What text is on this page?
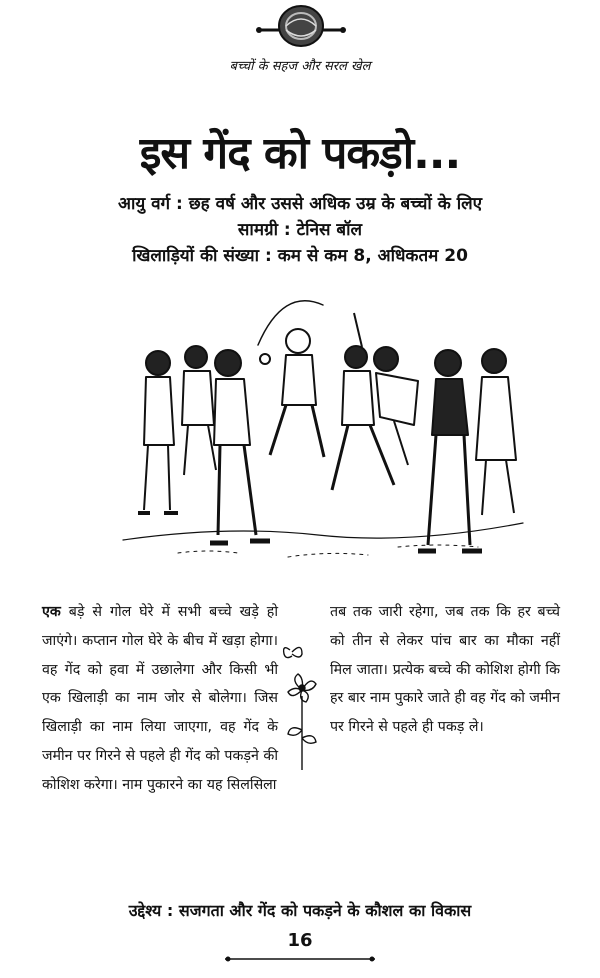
बच्चों के सहज और सरल खेल
इस गेंद को पकड़ो...
आयु वर्ग : छह वर्ष और उससे अधिक उम्र के बच्चों के लिए
सामग्री : टेनिस बॉल
खिलाड़ियों की संख्या : कम से कम 8, अधिकतम 20

एक बड़े से गोल घेरे में सभी बच्चे खड़े हो जाएंगे। कप्तान गोल घेरे के बीच में खड़ा होगा। वह गेंद को हवा में उछालेगा और किसी भी एक खिलाड़ी का नाम जोर से बोलेगा। जिस खिलाड़ी का नाम लिया जाएगा, वह गेंद के जमीन पर गिरने से पहले ही गेंद को पकड़ने की कोशिश करेगा। नाम पुकारने का यह सिलसिला

तब तक जारी रहेगा, जब तक कि हर बच्चे को तीन से लेकर पांच बार का मौका नहीं मिल जाता। प्रत्येक बच्चे की कोशिश होगी कि हर बार नाम पुकारे जाते ही वह गेंद को जमीन पर गिरने से पहले ही पकड़ ले।

उद्देश्य : सजगता और गेंद को पकड़ने के कौशल का विकास
16
